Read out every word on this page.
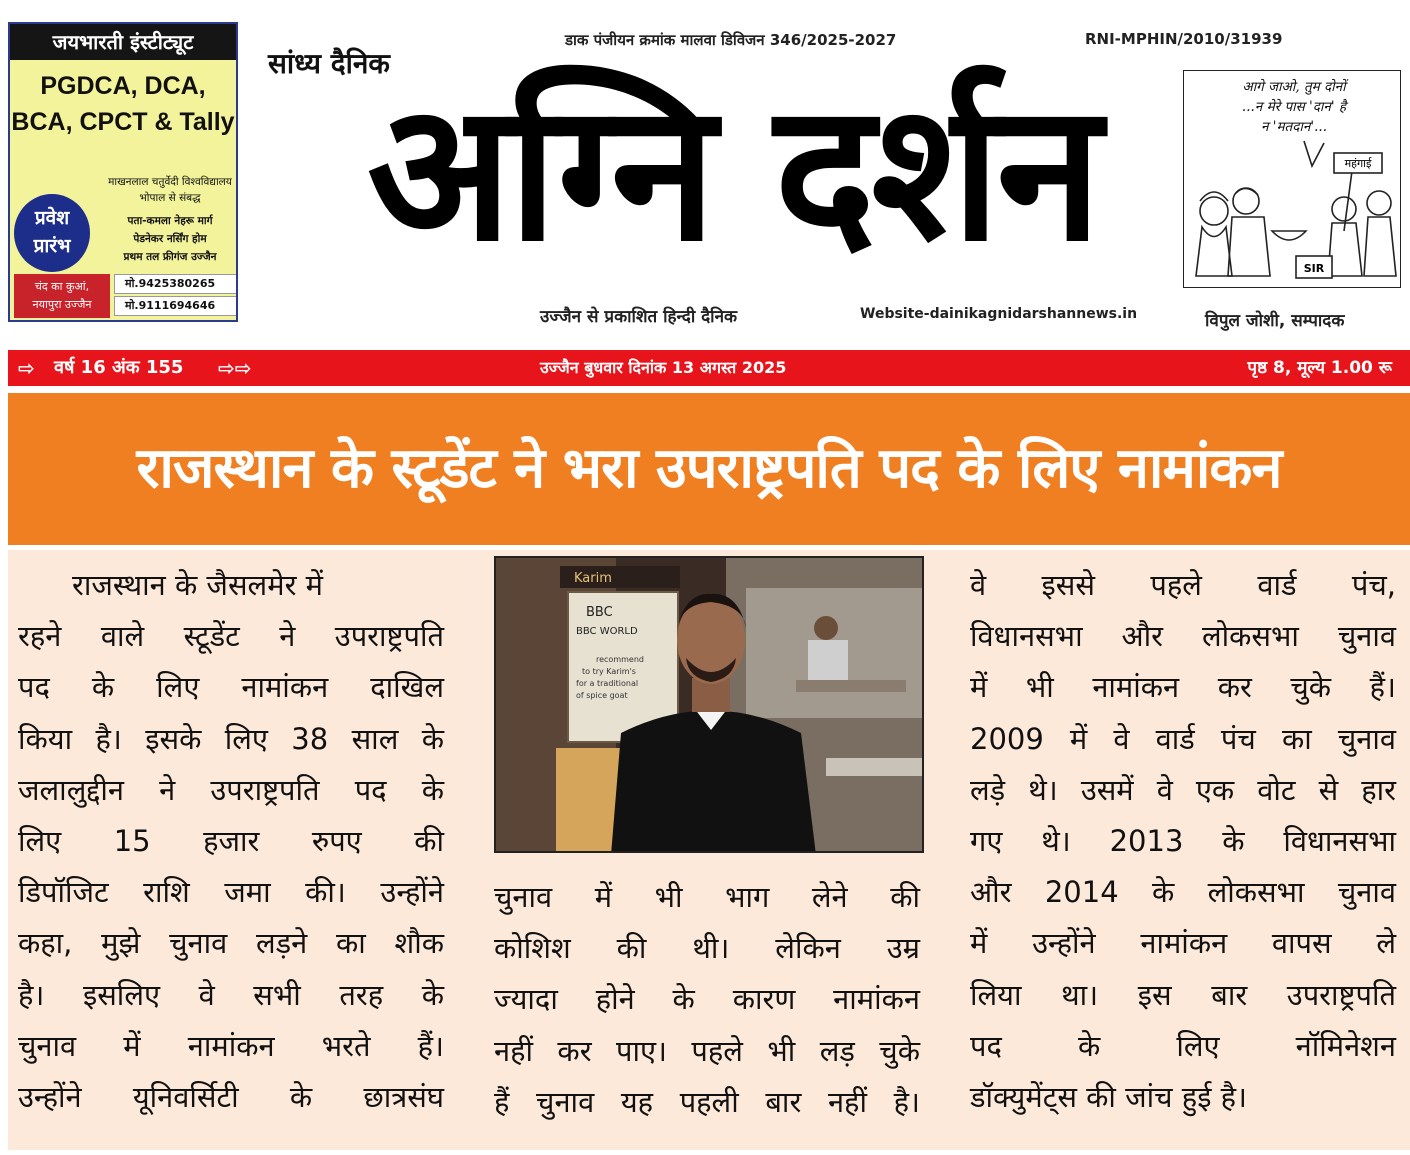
जयभारती इंस्टीट्यूट
PGDCA, DCA,
BCA, CPCT & Tally
माखनलाल चतुर्वेदी विश्वविद्यालय
भोपाल से संबद्ध
प्रवेश
प्रारंभ
पता-कमला नेहरू मार्ग
पेडनेकर नर्सिंग होम
प्रथम तल फ्रीगंज उज्जैन
चंद का कुआं,
नयापुरा उज्जैन
मो.9425380265
मो.9111694646
डाक पंजीयन क्रमांक मालवा डिविजन 346/2025-2027	RNI-MPHIN/2010/31939
सांध्य दैनिक
अग्नि दर्शन
उज्जैन से प्रकाशित हिन्दी दैनिक	Website-dainikagnidarshannews.in	विपुल जोशी, सम्पादक
आगे जाओ, तुम दोनों
...न मेरे पास 'दान' है
न 'मतदान'...
महंगाई
SIR
⇨ वर्ष 16 अंक 155 ⇨⇨	उज्जैन बुधवार दिनांक 13 अगस्त 2025	पृष्ठ 8, मूल्य 1.00 रू
राजस्थान के स्टूडेंट ने भरा उपराष्ट्रपति पद के लिए नामांकन
Karim
BBC
BBC WORLD
recommend
to try Karim's
for a traditional
of spice goat
राजस्थान के जैसलमेर में
रहने वाले स्टूडेंट ने उपराष्ट्रपति
पद के लिए नामांकन दाखिल
किया है। इसके लिए 38 साल के
जलालुद्दीन ने उपराष्ट्रपति पद के
लिए 15 हजार रुपए की
डिपॉजिट राशि जमा की। उन्होंने
कहा, मुझे चुनाव लड़ने का शौक
है। इसलिए वे सभी तरह के
चुनाव में नामांकन भरते हैं।
उन्होंने यूनिवर्सिटी के छात्रसंघ
चुनाव में भी भाग लेने की
कोशिश की थी। लेकिन उम्र
ज्यादा होने के कारण नामांकन
नहीं कर पाए। पहले भी लड़ चुके
हैं चुनाव यह पहली बार नहीं है।
वे इससे पहले वार्ड पंच,
विधानसभा और लोकसभा चुनाव
में भी नामांकन कर चुके हैं।
2009 में वे वार्ड पंच का चुनाव
लड़े थे। उसमें वे एक वोट से हार
गए थे। 2013 के विधानसभा
और 2014 के लोकसभा चुनाव
में उन्होंने नामांकन वापस ले
लिया था। इस बार उपराष्ट्रपति
पद के लिए नॉमिनेशन
डॉक्युमेंट्स की जांच हुई है।
